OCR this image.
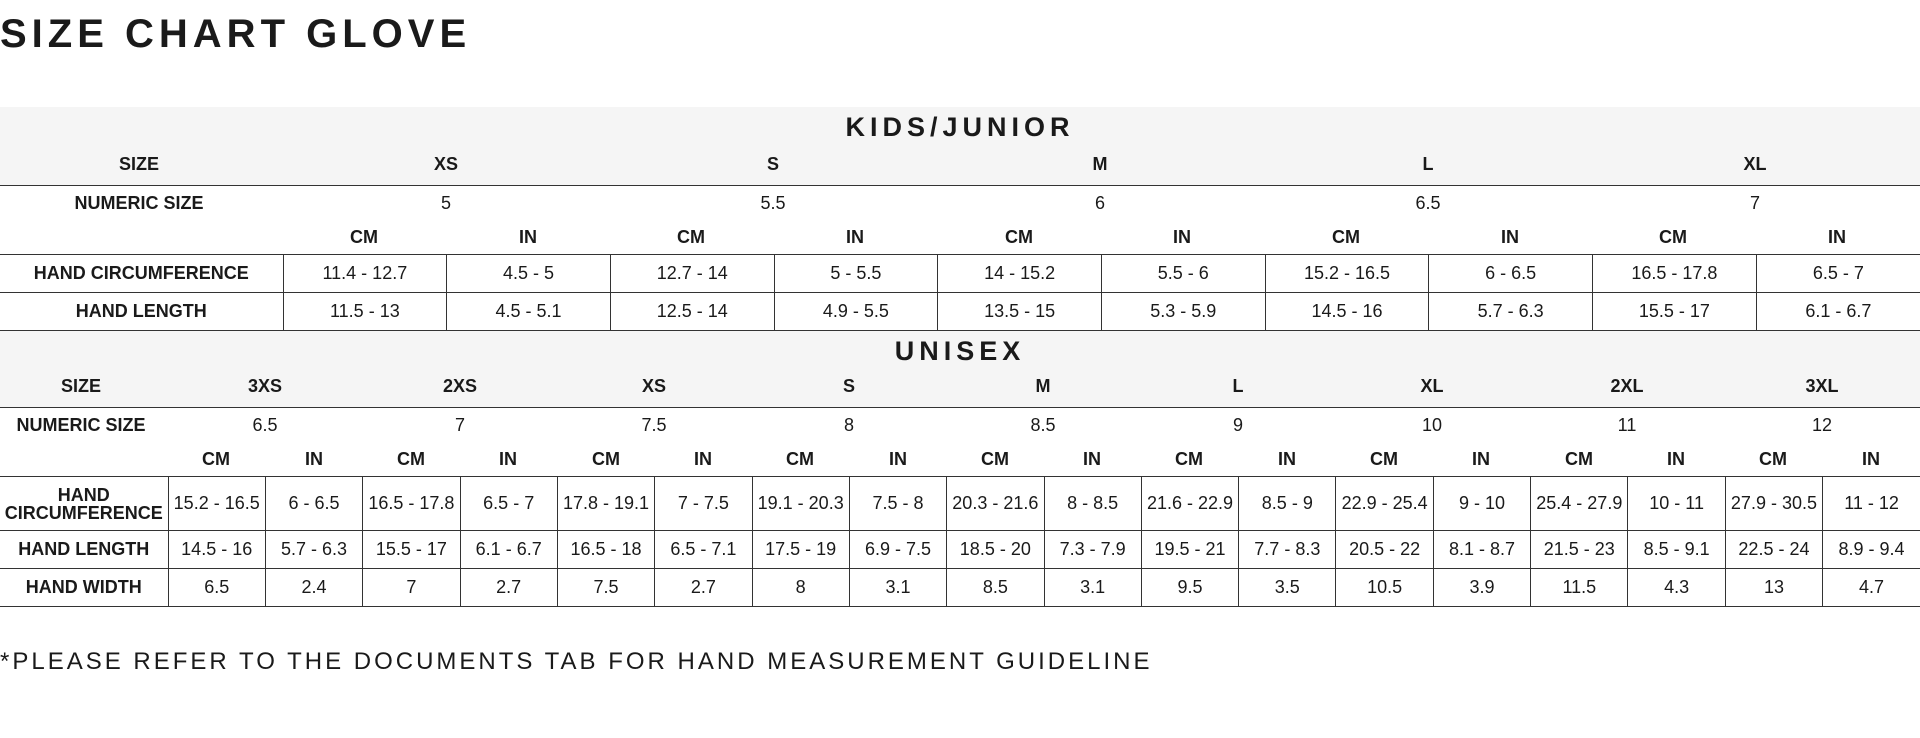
SIZE CHART GLOVE
KIDS/JUNIOR
SIZE	XS	S	M	L	XL
NUMERIC SIZE	5	5.5	6	6.5	7
CM	IN	CM	IN	CM	IN	CM	IN	CM	IN
HAND CIRCUMFERENCE	11.4 - 12.7	4.5 - 5	12.7 - 14	5 - 5.5	14 - 15.2	5.5 - 6	15.2 - 16.5	6 - 6.5	16.5 - 17.8	6.5 - 7
HAND LENGTH	11.5 - 13	4.5 - 5.1	12.5 - 14	4.9 - 5.5	13.5 - 15	5.3 - 5.9	14.5 - 16	5.7 - 6.3	15.5 - 17	6.1 - 6.7
UNISEX
SIZE	3XS	2XS	XS	S	M	L	XL	2XL	3XL
NUMERIC SIZE	6.5	7	7.5	8	8.5	9	10	11	12
CM	IN	CM	IN	CM	IN	CM	IN	CM	IN	CM	IN	CM	IN	CM	IN	CM	IN
HAND CIRCUMFERENCE	15.2 - 16.5	6 - 6.5	16.5 - 17.8	6.5 - 7	17.8 - 19.1	7 - 7.5	19.1 - 20.3	7.5 - 8	20.3 - 21.6	8 - 8.5	21.6 - 22.9	8.5 - 9	22.9 - 25.4	9 - 10	25.4 - 27.9	10 - 11	27.9 - 30.5	11 - 12
HAND LENGTH	14.5 - 16	5.7 - 6.3	15.5 - 17	6.1 - 6.7	16.5 - 18	6.5 - 7.1	17.5 - 19	6.9 - 7.5	18.5 - 20	7.3 - 7.9	19.5 - 21	7.7 - 8.3	20.5 - 22	8.1 - 8.7	21.5 - 23	8.5 - 9.1	22.5 - 24	8.9 - 9.4
HAND WIDTH	6.5	2.4	7	2.7	7.5	2.7	8	3.1	8.5	3.1	9.5	3.5	10.5	3.9	11.5	4.3	13	4.7
*PLEASE REFER TO THE DOCUMENTS TAB FOR HAND MEASUREMENT GUIDELINE
